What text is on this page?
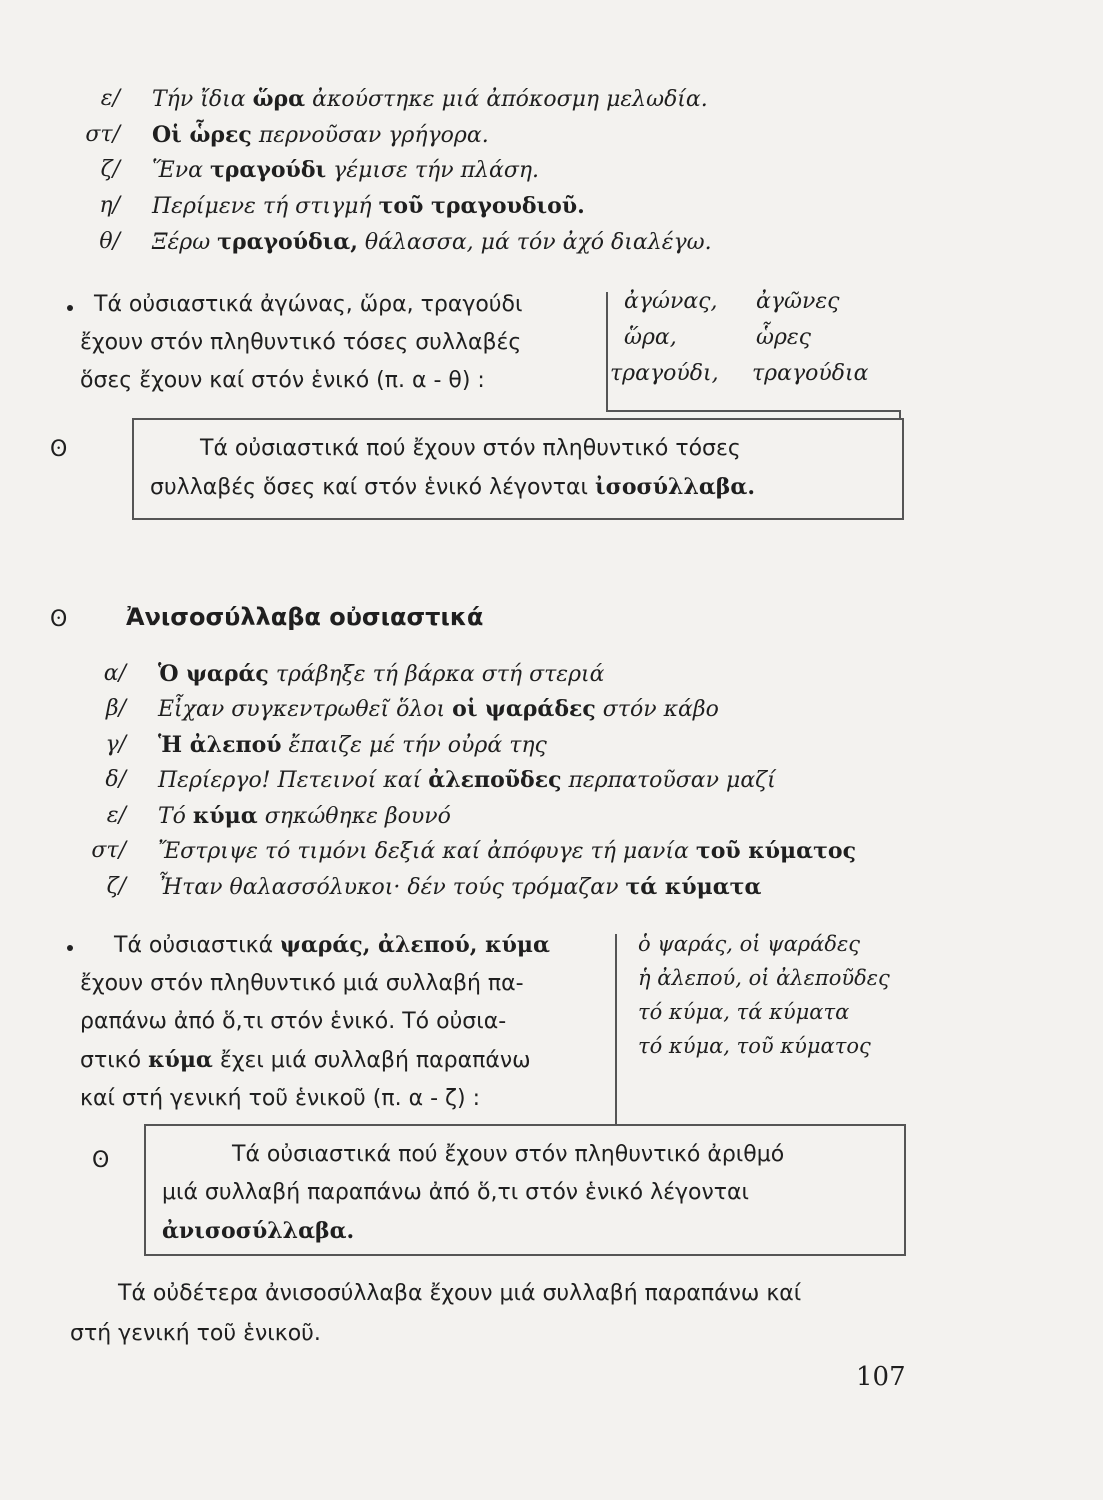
ε/ Τήν ἴδια ὥρα ἀκούστηκε μιά ἀπόκοσμη μελωδία.
στ/ Οἱ ὧρες περνοῦσαν γρήγορα.
ζ/ Ἕνα τραγούδι γέμισε τήν πλάση.
η/ Περίμενε τή στιγμή τοῦ τραγουδιοῦ.
θ/ Ξέρω τραγούδια, θάλασσα, μά τόν ἀχό διαλέγω.
Τά οὐσιαστικά ἀγώνας, ὥρα, τραγούδι
ἔχουν στόν πληθυντικό τόσες συλλαβές
ὅσες ἔχουν καί στόν ἑνικό (π. α - θ) :
ἀγώνας, ἀγῶνες
ὥρα,	ὧρες
τραγούδι, τραγούδια
ʘ	Τά οὐσιαστικά πού ἔχουν στόν πληθυντικό τόσες
συλλαβές ὅσες καί στόν ἑνικό λέγονται ἰσοσύλλαβα.
ʘ Ἀνισοσύλλαβα οὐσιαστικά
α/ Ὁ ψαράς τράβηξε τή βάρκα στή στεριά
β/ Εἶχαν συγκεντρωθεῖ ὅλοι οἱ ψαράδες στόν κάβο
γ/ Ἡ ἀλεπού ἔπαιζε μέ τήν οὐρά της
δ/ Περίεργο! Πετεινοί καί ἀλεποῦδες περπατοῦσαν μαζί
ε/ Τό κύμα σηκώθηκε βουνό
στ/ Ἔστριψε τό τιμόνι δεξιά καί ἀπόφυγε τή μανία τοῦ κύματος
ζ/ Ἦταν θαλασσόλυκοι· δέν τούς τρόμαζαν τά κύματα
Τά οὐσιαστικά ψαράς, ἀλεπού, κύμα
ἔχουν στόν πληθυντικό μιά συλλαβή πα-
ραπάνω ἀπό ὅ,τι στόν ἑνικό. Τό οὐσια-
στικό κύμα ἔχει μιά συλλαβή παραπάνω
καί στή γενική τοῦ ἑνικοῦ (π. α - ζ) :
ὁ ψαράς, οἱ ψαράδες
ἡ ἀλεπού, οἱ ἀλεποῦδες
τό κύμα, τά κύματα
τό κύμα, τοῦ κύματος
ʘ	Τά οὐσιαστικά πού ἔχουν στόν πληθυντικό ἀριθμό
μιά συλλαβή παραπάνω ἀπό ὅ,τι στόν ἑνικό λέγονται
ἀνισοσύλλαβα.
Τά οὐδέτερα ἀνισοσύλλαβα ἔχουν μιά συλλαβή παραπάνω καί
στή γενική τοῦ ἑνικοῦ.
107
